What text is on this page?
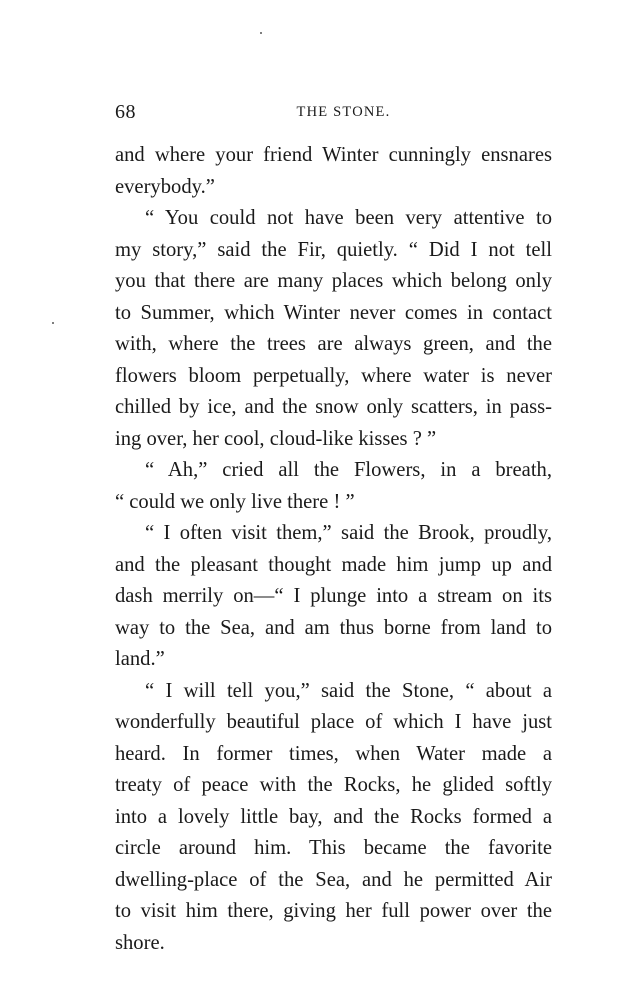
68	THE STONE.
and where your friend Winter cunningly ensnares
everybody.”
“ You could not have been very attentive to
my story,” said the Fir, quietly. “ Did I not tell
you that there are many places which belong only
to Summer, which Winter never comes in contact
with, where the trees are always green, and the
flowers bloom perpetually, where water is never
chilled by ice, and the snow only scatters, in pass-
ing over, her cool, cloud-like kisses ? ”
“ Ah,” cried all the Flowers, in a breath,
“ could we only live there ! ”
“ I often visit them,” said the Brook, proudly,
and the pleasant thought made him jump up and
dash merrily on—“ I plunge into a stream on its
way to the Sea, and am thus borne from land to
land.”
“ I will tell you,” said the Stone, “ about a
wonderfully beautiful place of which I have just
heard. In former times, when Water made a
treaty of peace with the Rocks, he glided softly
into a lovely little bay, and the Rocks formed a
circle around him. This became the favorite
dwelling-place of the Sea, and he permitted Air
to visit him there, giving her full power over the
shore.
